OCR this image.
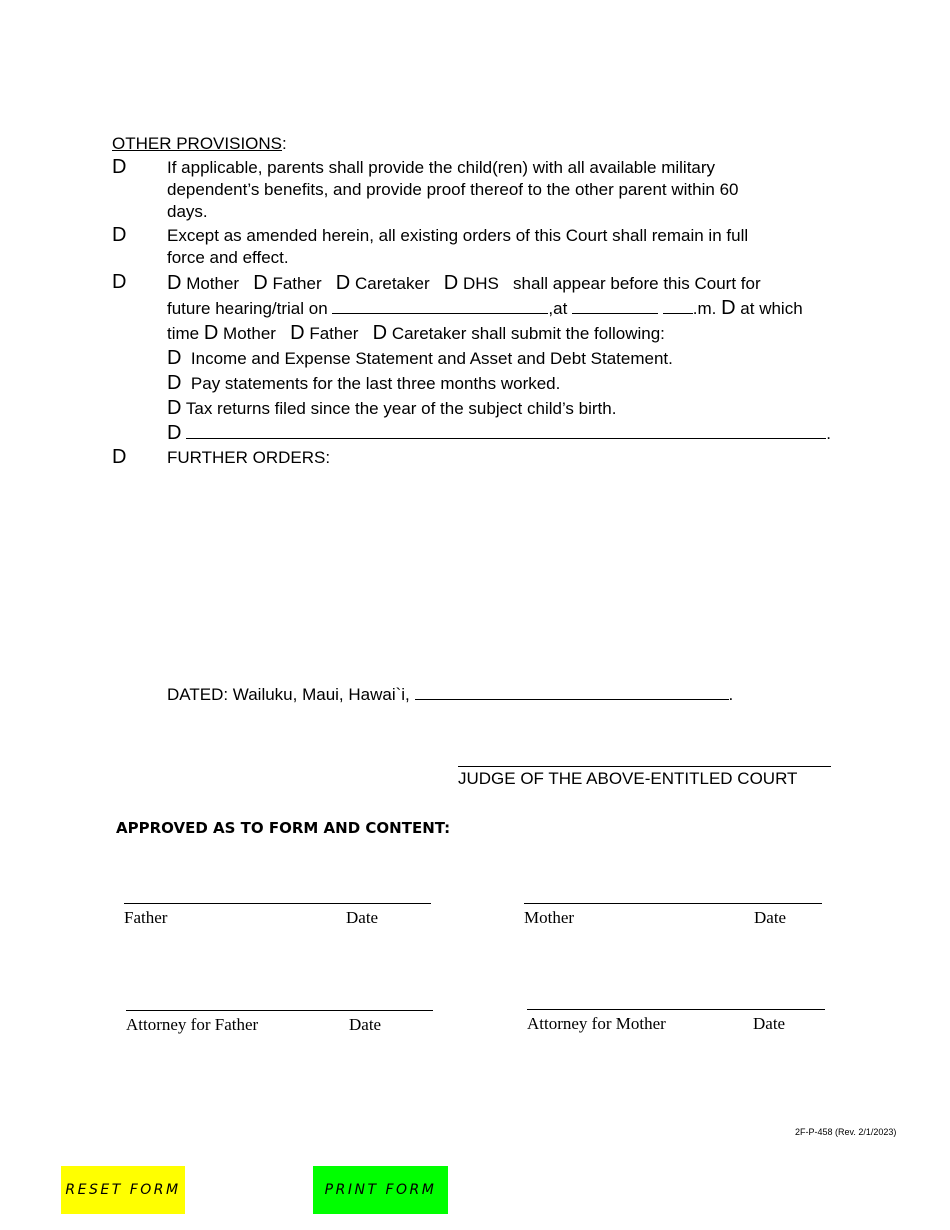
OTHER PROVISIONS:
D If applicable, parents shall provide the child(ren) with all available military
dependent’s benefits, and provide proof thereof to the other parent within 60
days.
D Except as amended herein, all existing orders of this Court shall remain in full
force and effect.
D D Mother D Father D Caretaker D DHS shall appear before this Court for
future hearing/trial on	,at	.m. D at which
time D Mother D Father D Caretaker shall submit the following:
D Income and Expense Statement and Asset and Debt Statement.
D Pay statements for the last three months worked.
D Tax returns filed since the year of the subject child’s birth.
D	.
D FURTHER ORDERS:
DATED: Wailuku, Maui, Hawai`i,	.
JUDGE OF THE ABOVE-ENTITLED COURT
APPROVED AS TO FORM AND CONTENT:
Father	Date	Mother	Date
Attorney for Father	Date	Attorney for Mother	Date
2F-P-458 (Rev. 2/1/2023)
RESET FORM	PRINT FORM
